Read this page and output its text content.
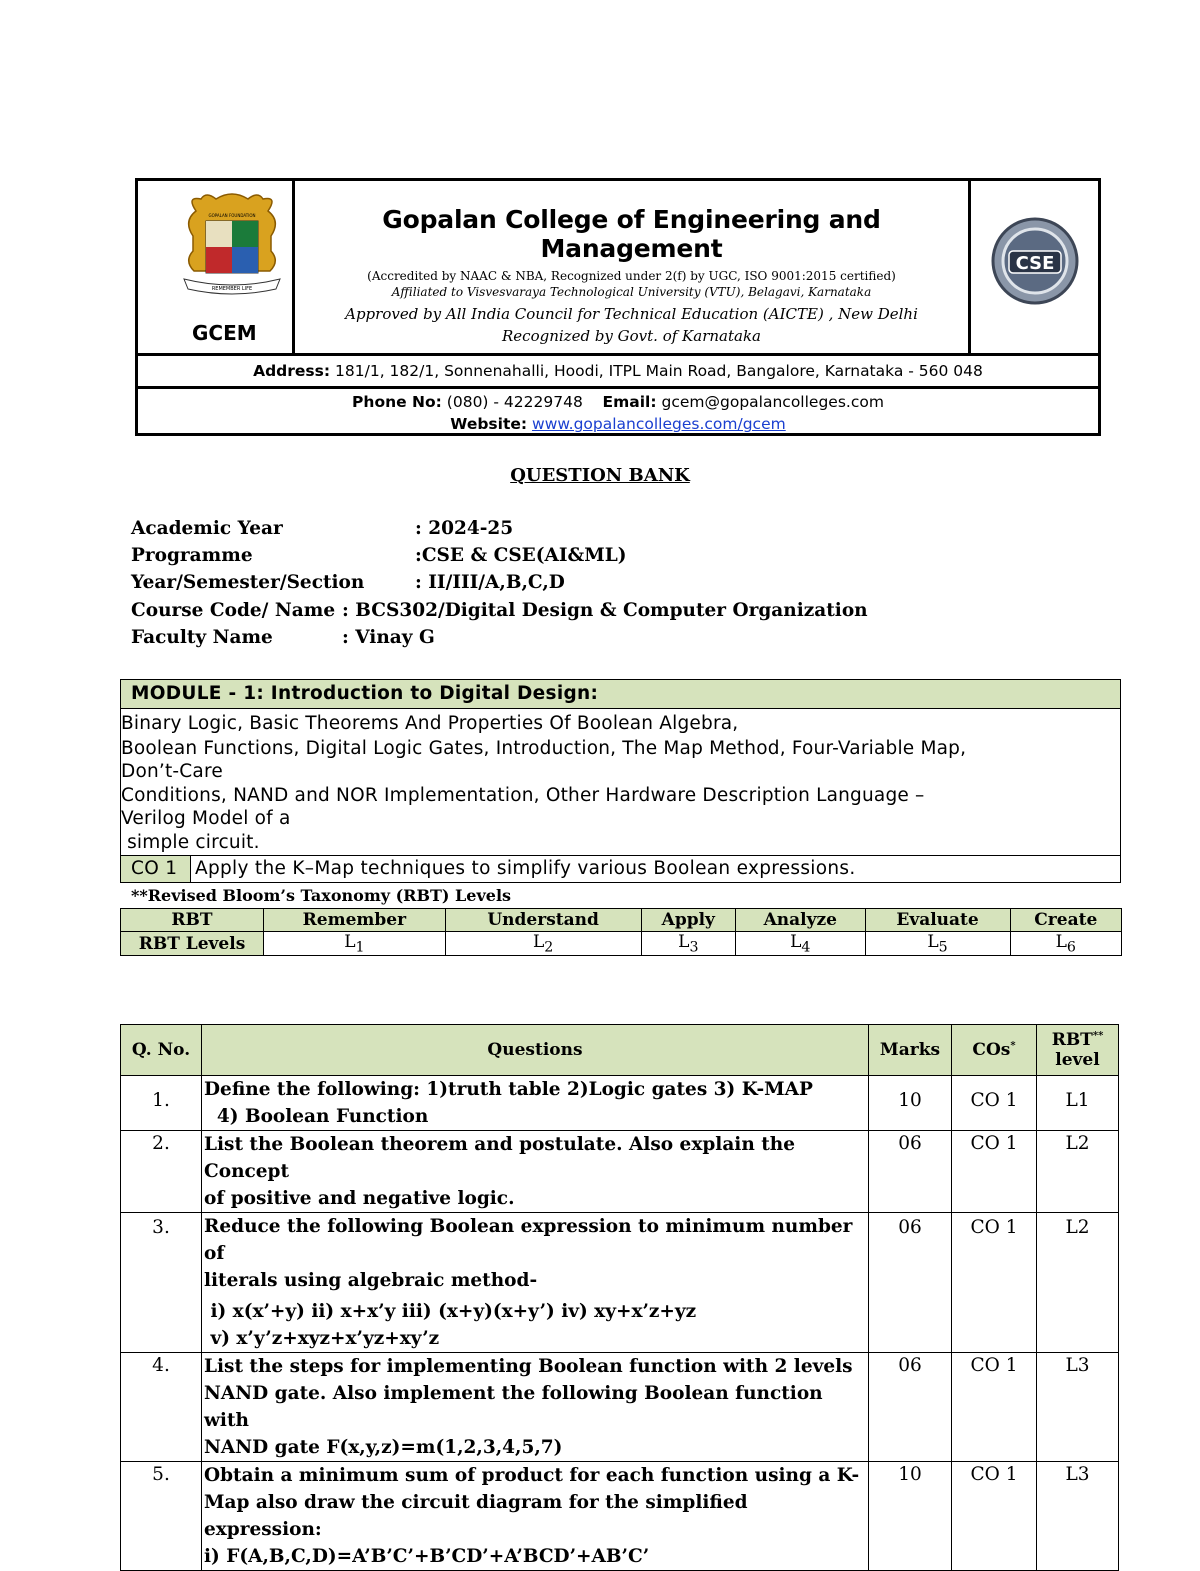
REMEMBER LIFE
GOPALAN FOUNDATION
GCEM
Gopalan College of Engineering and Management
(Accredited by NAAC & NBA, Recognized under 2(f) by UGC, ISO 9001:2015 certified)
Affiliated to Visvesvaraya Technological University (VTU), Belagavi, Karnataka
Approved by All India Council for Technical Education (AICTE) , New Delhi
Recognized by Govt. of Karnataka
CSE
Address: 181/1, 182/1, Sonnenahalli, Hoodi, ITPL Main Road, Bangalore, Karnataka - 560 048
Phone No: (080) - 42229748 Email: gcem@gopalancolleges.com
Website: www.gopalancolleges.com/gcem
QUESTION BANK
Academic Year	: 2024-25
Programme	:CSE & CSE(AI&ML)
Year/Semester/Section	: II/III/A,B,C,D
Course Code/ Name : BCS302/Digital Design & Computer Organization
Faculty Name	: Vinay G
MODULE - 1: Introduction to Digital Design:
Binary Logic, Basic Theorems And Properties Of Boolean Algebra,
Boolean Functions, Digital Logic Gates, Introduction, The Map Method, Four-Variable Map,
Don’t-Care
Conditions, NAND and NOR Implementation, Other Hardware Description Language –
Verilog Model of a
simple circuit.
CO 1 Apply the K–Map techniques to simplify various Boolean expressions.
**Revised Bloom’s Taxonomy (RBT) Levels
RBT	Remember	Understand	Apply	Analyze	Evaluate	Create
RBT Levels	$L_1$	$L_2$	$L_3$	$L_4$	$L_5$	$L_6$
Q. No.	Questions	Marks	COs*	RBT**
level
1.	Define the following: 1)truth table 2)Logic gates 3) K-MAP
4) Boolean Function	10	CO 1	L1
2.	List the Boolean theorem and postulate. Also explain the Concept
of positive and negative logic.	06	CO 1	L2
3.	Reduce the following Boolean expression to minimum number of
literals using algebraic method-
i) x(x’+y) ii) x+x’y iii) (x+y)(x+y’) iv) xy+x’z+yz
v) x’y’z+xyz+x’yz+xy’z	06	CO 1	L2
4.	List the steps for implementing Boolean function with 2 levels
NAND gate. Also implement the following Boolean function with
NAND gate F(x,y,z)=m(1,2,3,4,5,7)	06	CO 1	L3
5.	Obtain a minimum sum of product for each function using a K-
Map also draw the circuit diagram for the simplified expression:
i) F(A,B,C,D)=A’B’C’+B’CD’+A’BCD’+AB’C’	10	CO 1	L3
